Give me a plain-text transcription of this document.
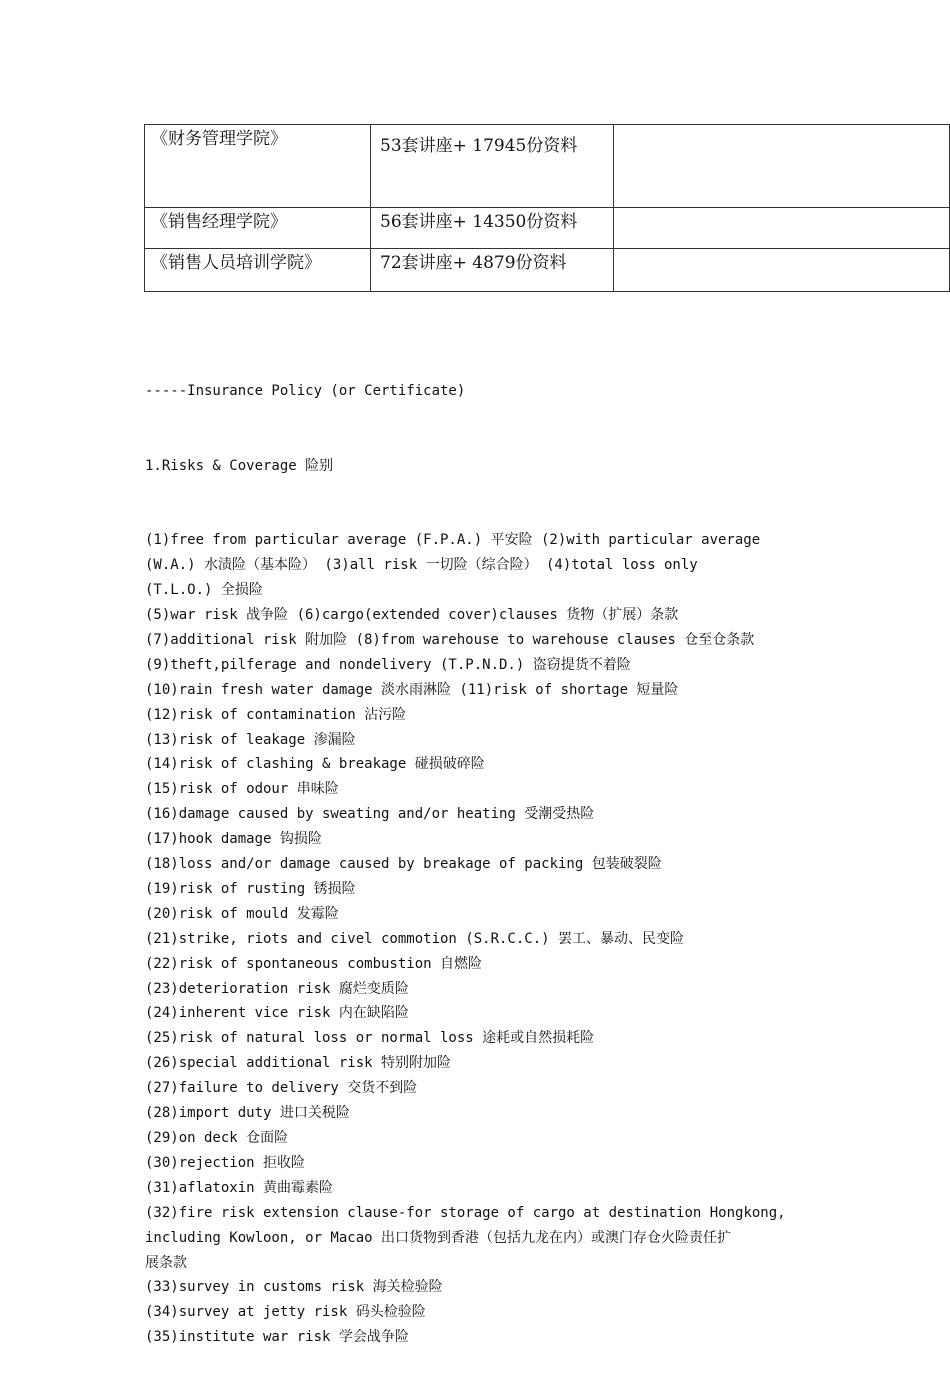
《财务管理学院》	53套讲座+ 17945份资料	
《销售经理学院》	56套讲座+ 14350份资料	
《销售人员培训学院》	72套讲座+ 4879份资料	

-----Insurance Policy (or Certificate)

1.Risks & Coverage 险别

(1)free from particular average (F.P.A.) 平安险 (2)with particular average
(W.A.) 水渍险（基本险） (3)all risk 一切险（综合险） (4)total loss only
(T.L.O.) 全损险
(5)war risk 战争险 (6)cargo(extended cover)clauses 货物（扩展）条款
(7)additional risk 附加险 (8)from warehouse to warehouse clauses 仓至仓条款
(9)theft,pilferage and nondelivery (T.P.N.D.) 盗窃提货不着险
(10)rain fresh water damage 淡水雨淋险 (11)risk of shortage 短量险
(12)risk of contamination 沾污险
(13)risk of leakage 渗漏险
(14)risk of clashing & breakage 碰损破碎险
(15)risk of odour 串味险
(16)damage caused by sweating and/or heating 受潮受热险
(17)hook damage 钩损险
(18)loss and/or damage caused by breakage of packing 包装破裂险
(19)risk of rusting 锈损险
(20)risk of mould 发霉险
(21)strike, riots and civel commotion (S.R.C.C.) 罢工、暴动、民变险
(22)risk of spontaneous combustion 自燃险
(23)deterioration risk 腐烂变质险
(24)inherent vice risk 内在缺陷险
(25)risk of natural loss or normal loss 途耗或自然损耗险
(26)special additional risk 特别附加险
(27)failure to delivery 交货不到险
(28)import duty 进口关税险
(29)on deck 仓面险
(30)rejection 拒收险
(31)aflatoxin 黄曲霉素险
(32)fire risk extension clause-for storage of cargo at destination Hongkong,
including Kowloon, or Macao 出口货物到香港（包括九龙在内）或澳门存仓火险责任扩
展条款
(33)survey in customs risk 海关检验险
(34)survey at jetty risk 码头检验险
(35)institute war risk 学会战争险
